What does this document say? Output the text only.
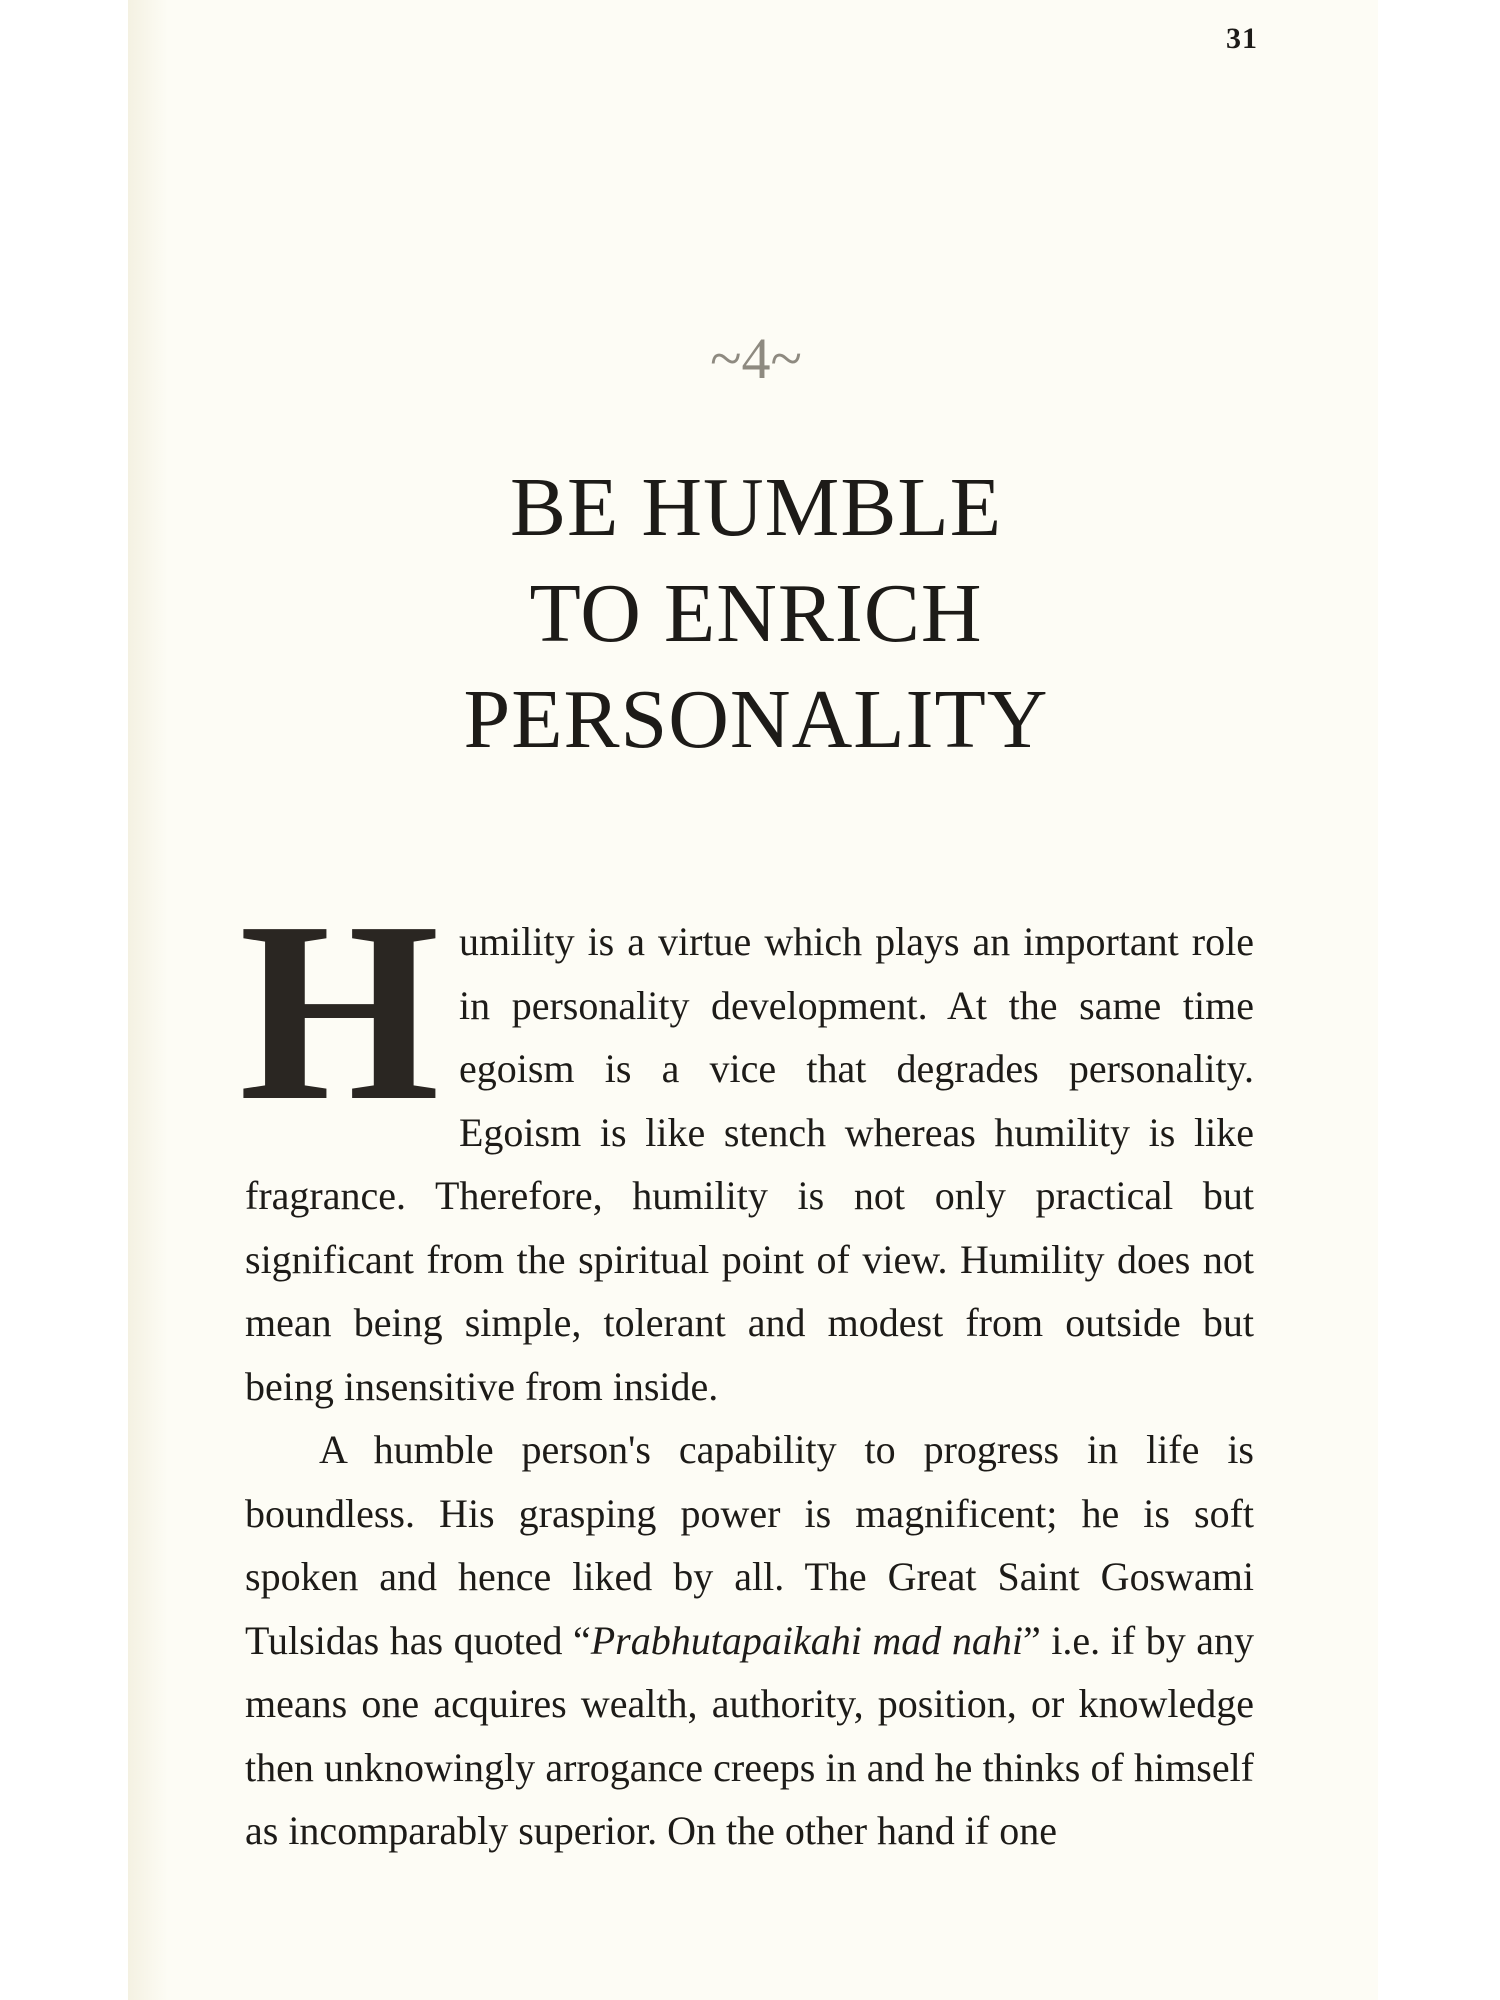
31
~4~
BE HUMBLE
TO ENRICH
PERSONALITY

H umility is a virtue which plays an important role in personality development. At the same time egoism is a vice that degrades personality. Egoism is like stench whereas humility is like fragrance. Therefore, humility is not only practical but significant from the spiritual point of view. Humility does not mean being simple, tolerant and modest from outside but being insensitive from inside.

A humble person's capability to progress in life is boundless. His grasping power is magnificent; he is soft spoken and hence liked by all. The Great Saint Goswami Tulsidas has quoted “Prabhutapaikahi mad nahi” i.e. if by any means one acquires wealth, authority, position, or knowledge then unknowingly arrogance creeps in and he thinks of himself as incomparably superior. On the other hand if one
